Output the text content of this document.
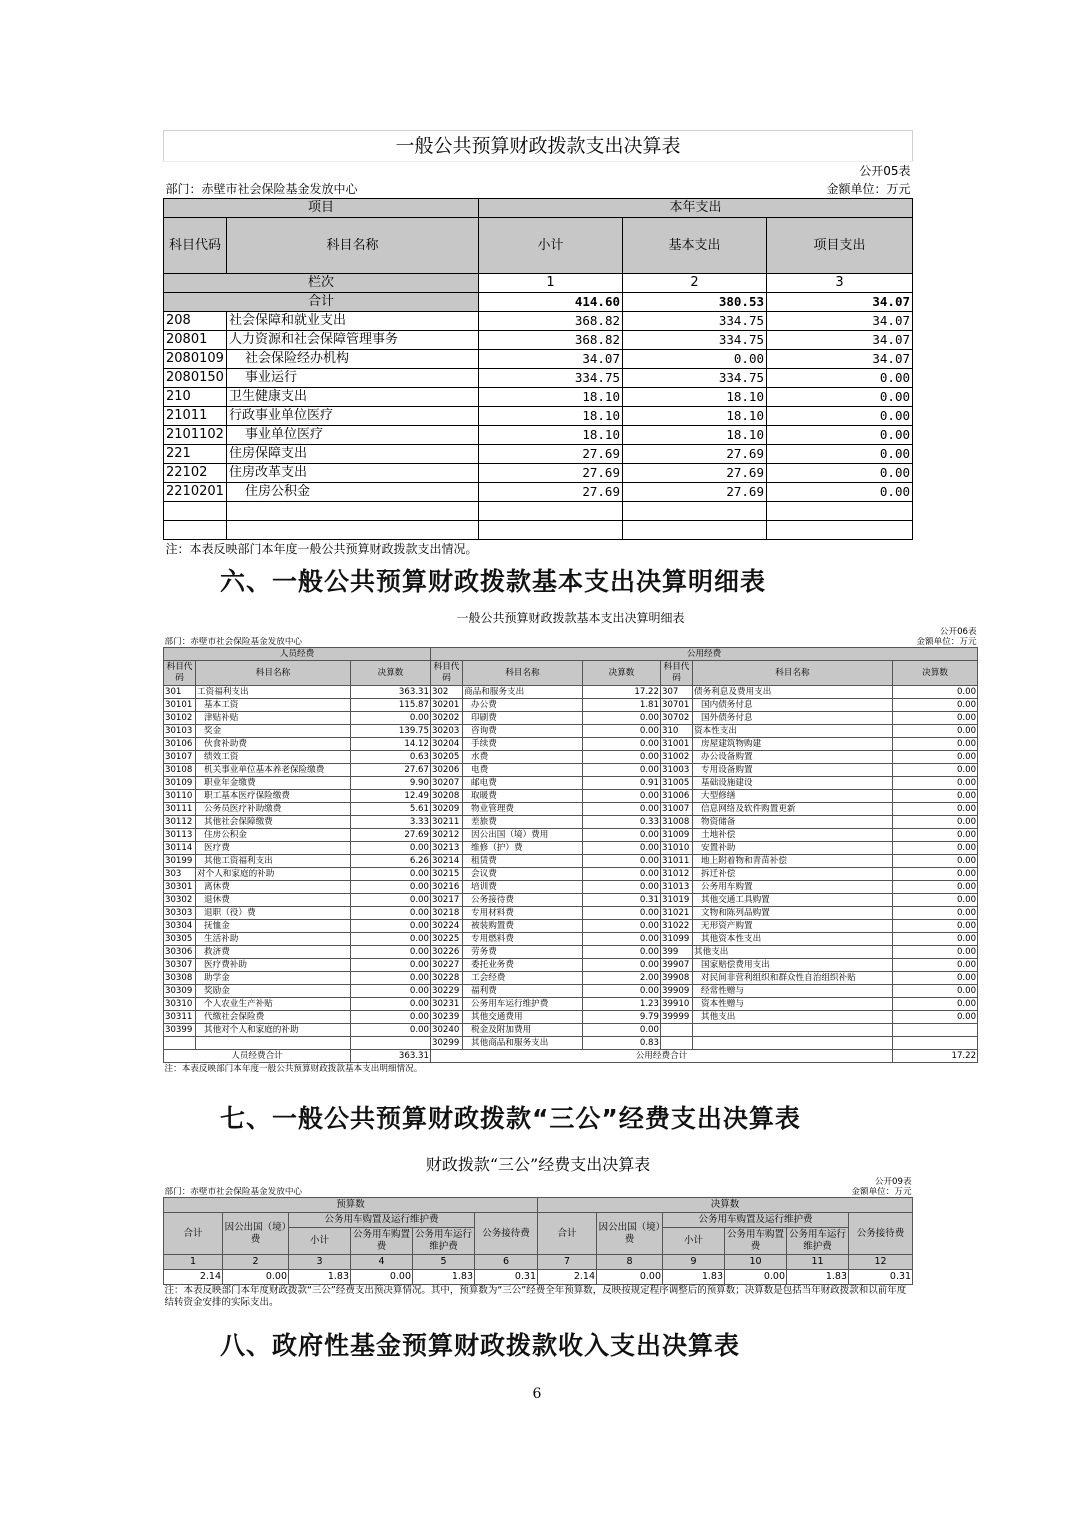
一般公共预算财政拨款支出决算表				
公开05表				
部门：赤壁市社会保险基金发放中心			金额单位：万元	
项目		本年支出		
科目代码	科目名称	小计	基本支出	项目支出
栏次		1	2	3
合计		414.60	380.53	34.07
208	社会保障和就业支出	368.82	334.75	34.07
20801	人力资源和社会保障管理事务	368.82	334.75	34.07
2080109	社会保险经办机构	34.07	0.00	34.07
2080150	事业运行	334.75	334.75	0.00
210	卫生健康支出	18.10	18.10	0.00
21011	行政事业单位医疗	18.10	18.10	0.00
2101102	事业单位医疗	18.10	18.10	0.00
221	住房保障支出	27.69	27.69	0.00
22102	住房改革支出	27.69	27.69	0.00
2210201	住房公积金	27.69	27.69	0.00

注：本表反映部门本年度一般公共预算财政拨款支出情况。				
六、一般公共预算财政拨款基本支出决算明细表
一般公共预算财政拨款基本支出决算明细表								
公开06表								
部门：赤壁市社会保险基金发放中心					金额单位：万元			
人员经费			公用经费					
科目代码	科目名称	决算数	科目代码	科目名称	决算数	科目代码	科目名称	决算数
301	工资福利支出	363.31	302	商品和服务支出	17.22	307	债务利息及费用支出	0.00
30101	基本工资	115.87	30201	办公费	1.81	30701	国内债务付息	0.00
30102	津贴补贴	0.00	30202	印刷费	0.00	30702	国外债务付息	0.00
30103	奖金	139.75	30203	咨询费	0.00	310	资本性支出	0.00
30106	伙食补助费	14.12	30204	手续费	0.00	31001	房屋建筑物购建	0.00
30107	绩效工资	0.63	30205	水费	0.00	31002	办公设备购置	0.00
30108	机关事业单位基本养老保险缴费	27.67	30206	电费	0.00	31003	专用设备购置	0.00
30109	职业年金缴费	9.90	30207	邮电费	0.91	31005	基础设施建设	0.00
30110	职工基本医疗保险缴费	12.49	30208	取暖费	0.00	31006	大型修缮	0.00
30111	公务员医疗补助缴费	5.61	30209	物业管理费	0.00	31007	信息网络及软件购置更新	0.00
30112	其他社会保障缴费	3.33	30211	差旅费	0.33	31008	物资储备	0.00
30113	住房公积金	27.69	30212	因公出国（境）费用	0.00	31009	土地补偿	0.00
30114	医疗费	0.00	30213	维修（护）费	0.00	31010	安置补助	0.00
30199	其他工资福利支出	6.26	30214	租赁费	0.00	31011	地上附着物和青苗补偿	0.00
303	对个人和家庭的补助	0.00	30215	会议费	0.00	31012	拆迁补偿	0.00
30301	离休费	0.00	30216	培训费	0.00	31013	公务用车购置	0.00
30302	退休费	0.00	30217	公务接待费	0.31	31019	其他交通工具购置	0.00
30303	退职（役）费	0.00	30218	专用材料费	0.00	31021	文物和陈列品购置	0.00
30304	抚恤金	0.00	30224	被装购置费	0.00	31022	无形资产购置	0.00
30305	生活补助	0.00	30225	专用燃料费	0.00	31099	其他资本性支出	0.00
30306	救济费	0.00	30226	劳务费	0.00	399	其他支出	0.00
30307	医疗费补助	0.00	30227	委托业务费	0.00	39907	国家赔偿费用支出	0.00
30308	助学金	0.00	30228	工会经费	2.00	39908	对民间非营利组织和群众性自治组织补贴	0.00
30309	奖励金	0.00	30229	福利费	0.00	39909	经常性赠与	0.00
30310	个人农业生产补贴	0.00	30231	公务用车运行维护费	1.23	39910	资本性赠与	0.00
30311	代缴社会保险费	0.00	30239	其他交通费用	9.79	39999	其他支出	0.00
30399	其他对个人和家庭的补助	0.00	30240	税金及附加费用	0.00			
			30299	其他商品和服务支出	0.83			
人员经费合计		363.31	公用经费合计					17.22
注：本表反映部门本年度一般公共预算财政拨款基本支出明细情况。								
七、一般公共预算财政拨款“三公”经费支出决算表
财政拨款“三公”经费支出决算表											
公开09表											
部门：赤壁市社会保险基金发放中心						金额单位：万元					
预算数						决算数					
合计	因公出国（境）费	公务用车购置及运行维护费			公务接待费	合计	因公出国（境）费	公务用车购置及运行维护费			公务接待费
		小计	公务用车购置费	公务用车运行维护费				小计	公务用车购置费	公务用车运行维护费	
1	2	3	4	5	6	7	8	9	10	11	12
2.14	0.00	1.83	0.00	1.83	0.31	2.14	0.00	1.83	0.00	1.83	0.31
注：本表反映部门本年度财政拨款“三公”经费支出预决算情况。其中，预算数为“三公”经费全年预算数，反映按规定程序调整后的预算数；决算数是包括当年财政拨款和以前年度结转资金安排的实际支出。											
八、政府性基金预算财政拨款收入支出决算表
6
